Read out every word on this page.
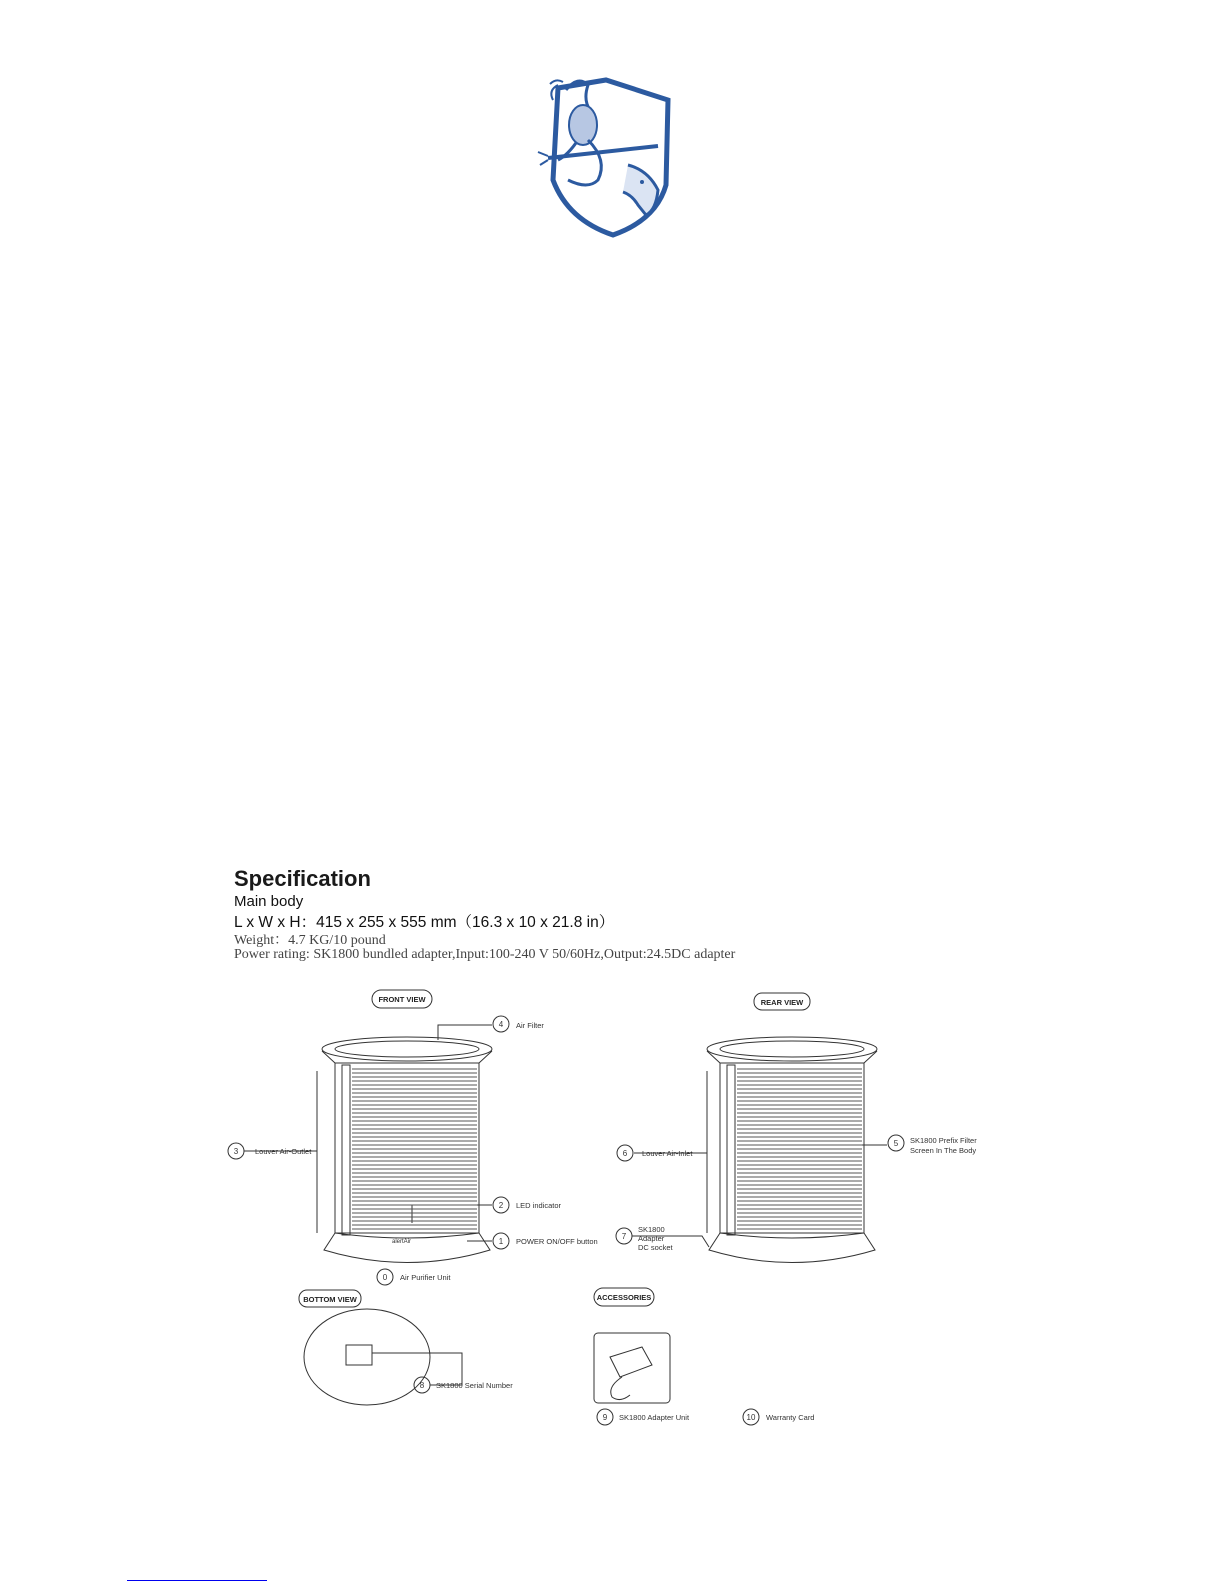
Specification
Main body
L x W x H：415 x 255 x 555 mm（16.3 x 10 x 21.8 in）
Weight：4.7 KG/10 pound
Power rating: SK1800 bundled adapter,Input:100-240 V 50/60Hz,Output:24.5DC adapter
FRONT VIEW	REAR VIEW
BOTTOM VIEW	ACCESSORIES
4
3
2
1
0
6
5
7
8
9	10
Air Filter
Louver Air-Outlet
LED indicator
POWER ON/OFF button
Air Purifier Unit
Louver Air-Inlet
SK1800 Prefix Filter
Screen In The Body
SK1800
Adapter
DC socket
SK1800 Serial Number
SK1800 Adapter Unit	Warranty Card
alertAir
